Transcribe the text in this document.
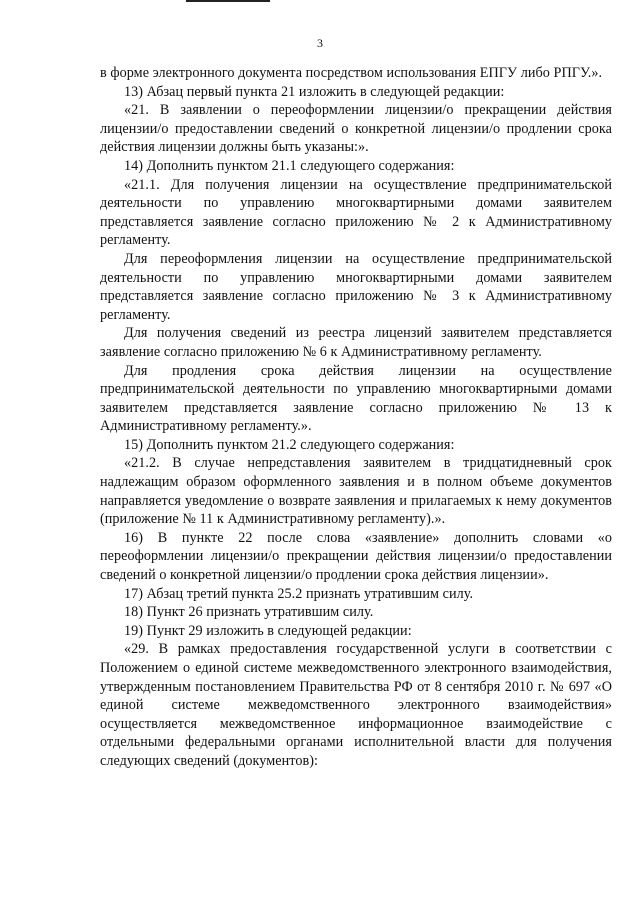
3

в форме электронного документа посредством использования ЕПГУ либо РПГУ.».

13) Абзац первый пункта 21 изложить в следующей редакции:

«21. В заявлении о переоформлении лицензии/о прекращении действия лицензии/о предоставлении сведений о конкретной лицензии/о продлении срока действия лицензии должны быть указаны:».

14) Дополнить пунктом 21.1 следующего содержания:

«21.1. Для получения лицензии на осуществление предпринимательской деятельности по управлению многоквартирными домами заявителем представляется заявление согласно приложению № 2 к Административному регламенту.

Для переоформления лицензии на осуществление предпринимательской деятельности по управлению многоквартирными домами заявителем представляется заявление согласно приложению № 3 к Административному регламенту.

Для получения сведений из реестра лицензий заявителем представляется заявление согласно приложению № 6 к Административному регламенту.

Для продления срока действия лицензии на осуществление предпринимательской деятельности по управлению многоквартирными домами заявителем представляется заявление согласно приложению № 13 к Административному регламенту.».

15) Дополнить пунктом 21.2 следующего содержания:

«21.2. В случае непредставления заявителем в тридцатидневный срок надлежащим образом оформленного заявления и в полном объеме документов направляется уведомление о возврате заявления и прилагаемых к нему документов (приложение № 11 к Административному регламенту).».

16) В пункте 22 после слова «заявление» дополнить словами «о переоформлении лицензии/о прекращении действия лицензии/о предоставлении сведений о конкретной лицензии/о продлении срока действия лицензии».

17) Абзац третий пункта 25.2 признать утратившим силу.

18) Пункт 26 признать утратившим силу.

19) Пункт 29 изложить в следующей редакции:

«29. В рамках предоставления государственной услуги в соответствии с Положением о единой системе межведомственного электронного взаимодействия, утвержденным постановлением Правительства РФ от 8 сентября 2010 г. № 697 «О единой системе межведомственного электронного взаимодействия» осуществляется межведомственное информационное взаимодействие с отдельными федеральными органами исполнительной власти для получения следующих сведений (документов):
